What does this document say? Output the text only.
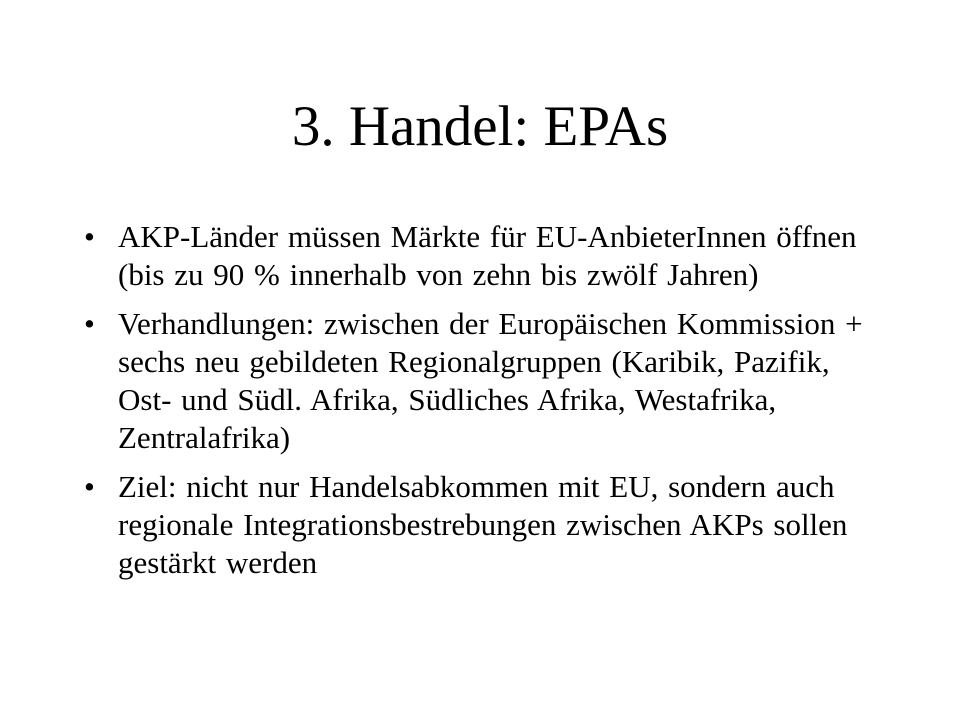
3. Handel: EPAs
• AKP-Länder müssen Märkte für EU-AnbieterInnen öffnen (bis zu 90 % innerhalb von zehn bis zwölf Jahren)
• Verhandlungen: zwischen der Europäischen Kommission + sechs neu gebildeten Regionalgruppen (Karibik, Pazifik, Ost- und Südl. Afrika, Südliches Afrika, Westafrika, Zentralafrika)
• Ziel: nicht nur Handelsabkommen mit EU, sondern auch regionale Integrationsbestrebungen zwischen AKPs sollen gestärkt werden
